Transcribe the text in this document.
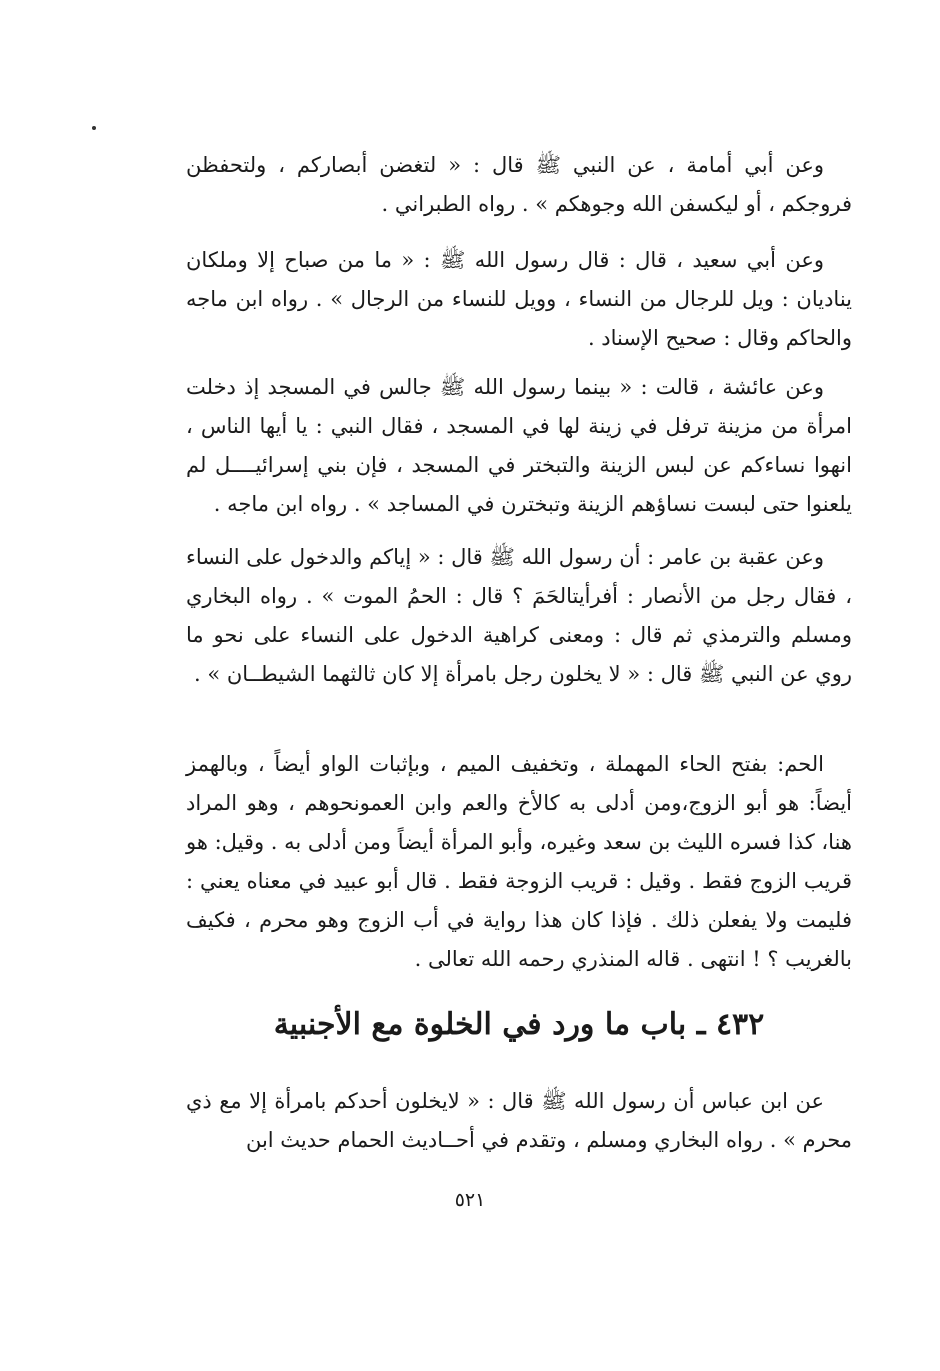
وعن أبي أمامة ، عن النبي ﷺ قال : « لتغضن أبصاركم ، ولتحفظن فروجكم ، أو ليكسفن الله وجوهكم » . رواه الطبراني .

وعن أبي سعيد ، قال : قال رسول الله ﷺ : « ما من صباح إلا وملكان يناديان : ويل للرجال من النساء ، وويل للنساء من الرجال » . رواه ابن ماجه والحاكم وقال : صحيح الإسناد .

وعن عائشة ، قالت : « بينما رسول الله ﷺ جالس في المسجد إذ دخلت امرأة من مزينة ترفل في زينة لها في المسجد ، فقال النبي : يا أيها الناس ، انهوا نساءكم عن لبس الزينة والتبختر في المسجد ، فإن بني إسرائيــــل لم يلعنوا حتى لبست نساؤهم الزينة وتبخترن في المساجد » . رواه ابن ماجه .

وعن عقبة بن عامر : أن رسول الله ﷺ قال : « إياكم والدخول على النساء ، فقال رجل من الأنصار : أفرأيتالحَمَ ؟ قال : الحمُ الموت » . رواه البخاري ومسلم والترمذي ثم قال : ومعنى كراهية الدخول على النساء على نحو ما روي عن النبي ﷺ قال : « لا يخلون رجل بامرأة إلا كان ثالثهما الشيطــان » .

الحم: بفتح الحاء المهملة ، وتخفيف الميم ، وبإثبات الواو أيضاً ، وبالهمز أيضاً: هو أبو الزوج،ومن أدلى به كالأخ والعم وابن العمونحوهم ، وهو المراد هنا، كذا فسره الليث بن سعد وغيره، وأبو المرأة أيضاً ومن أدلى به . وقيل: هو قريب الزوج فقط . وقيل : قريب الزوجة فقط . قال أبو عبيد في معناه يعني : فليمت ولا يفعلن ذلك . فإذا كان هذا رواية في أب الزوج وهو محرم ، فكيف بالغريب ؟ ! انتهى . قاله المنذري رحمه الله تعالى .

٤٣٢ ـ باب ما ورد في الخلوة مع الأجنبية

عن ابن عباس أن رسول الله ﷺ قال : « لايخلون أحدكم بامرأة إلا مع ذي محرم » . رواه البخاري ومسلم ، وتقدم في أحــاديث الحمام حديث ابن

٥٢١
